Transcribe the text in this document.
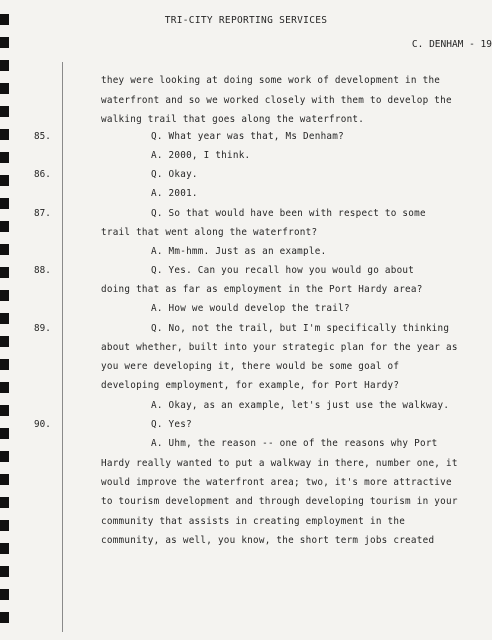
TRI-CITY REPORTING SERVICES
C. DENHAM - 19
they were looking at doing some work of development in the
waterfront and so we worked closely with them to develop the
walking trail that goes along the waterfront.
85.	Q. What year was that, Ms Denham?
A. 2000, I think.
86.	Q. Okay.
A. 2001.
87.	Q. So that would have been with respect to some
trail that went along the waterfront?
A. Mm-hmm. Just as an example.
88.	Q. Yes. Can you recall how you would go about
doing that as far as employment in the Port Hardy area?
A. How we would develop the trail?
89.	Q. No, not the trail, but I'm specifically thinking
about whether, built into your strategic plan for the year as
you were developing it, there would be some goal of
developing employment, for example, for Port Hardy?
A. Okay, as an example, let's just use the walkway.
90.	Q. Yes?
A. Uhm, the reason -- one of the reasons why Port
Hardy really wanted to put a walkway in there, number one, it
would improve the waterfront area; two, it's more attractive
to tourism development and through developing tourism in your
community that assists in creating employment in the
community, as well, you know, the short term jobs created
